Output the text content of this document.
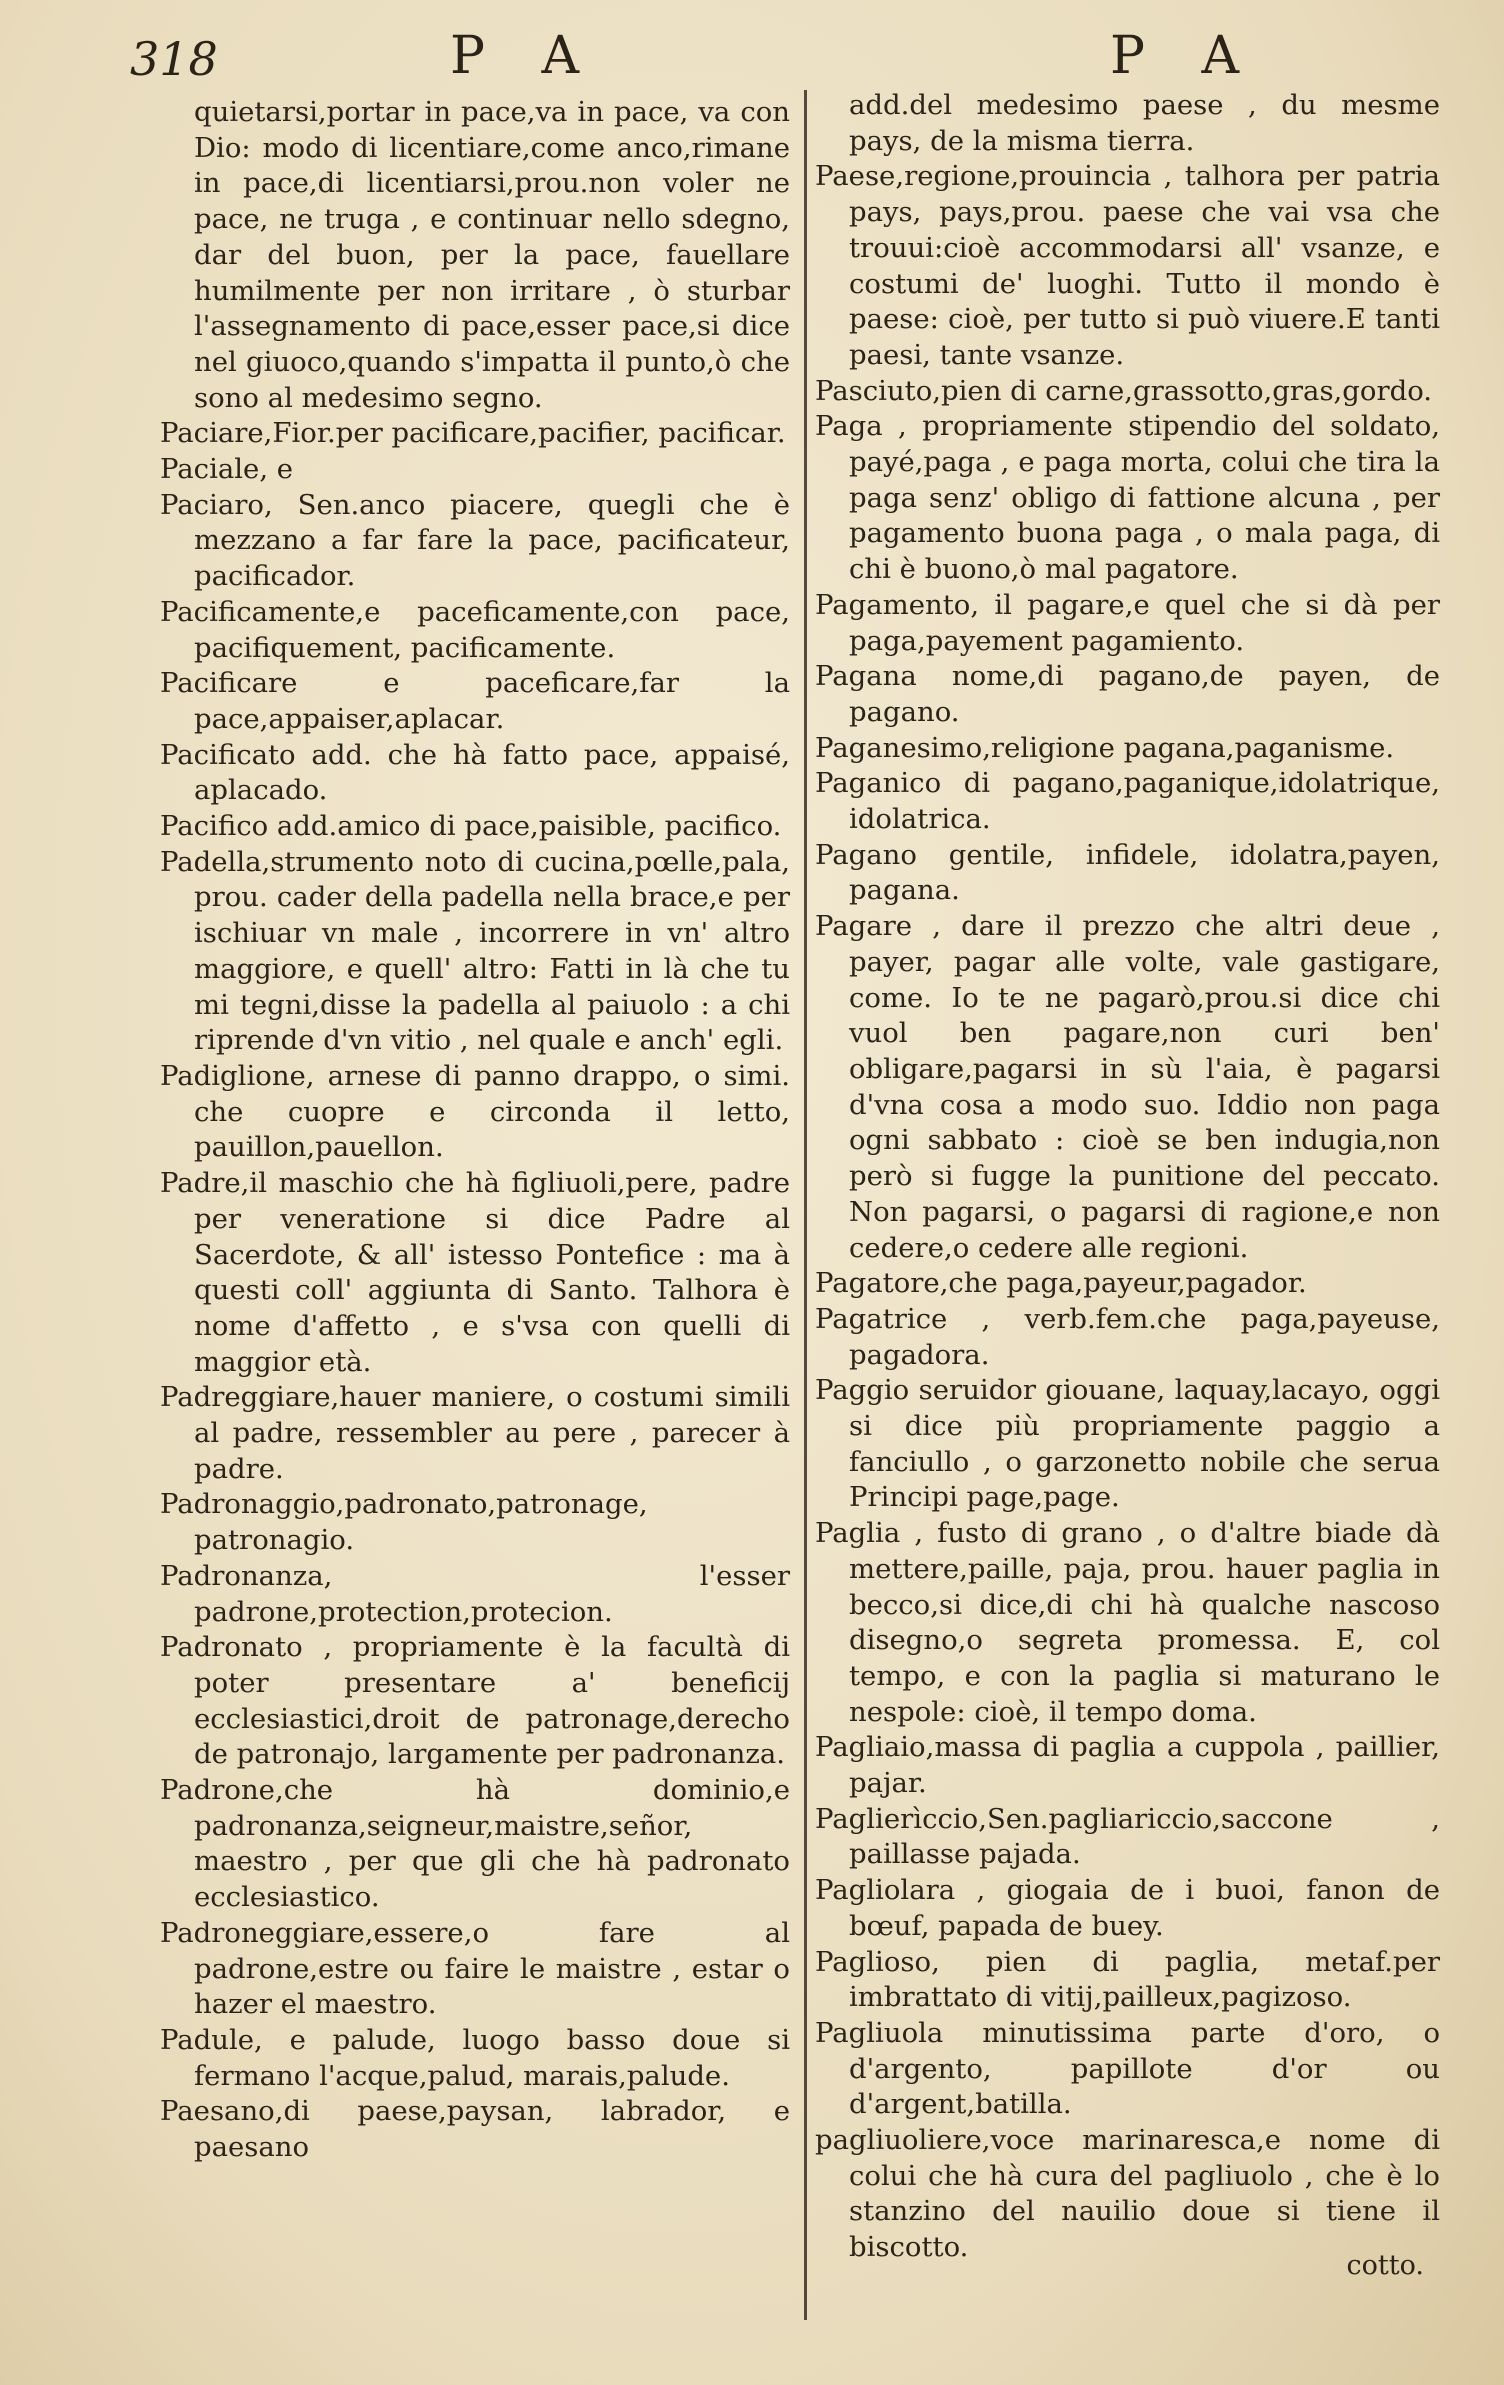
318	P A	P A

quietarsi,portar in pace,va in pace, va con Dio: modo di licentiare,come anco,rimane in pace,di licentiarsi,prou.non voler ne pace, ne truga , e continuar nello sdegno, dar del buon, per la pace, fauellare humilmente per non irritare , ò sturbar l'assegnamento di pace,esser pace,si dice nel giuoco,quando s'impatta il punto,ò che sono al medesimo segno.

Paciare,Fior.per pacificare,pacifier, pacificar.

Paciale, e

Paciaro, Sen.anco piacere, quegli che è mezzano a far fare la pace, pacificateur, pacificador.

Pacificamente,e paceficamente,con pace, pacifiquement, pacificamente.

Pacificare e paceficare,far la pace,appaiser,aplacar.

Pacificato add. che hà fatto pace, appaisé, aplacado.

Pacifico add.amico di pace,paisible, pacifico.

Padella,strumento noto di cucina,pœlle,pala, prou. cader della padella nella brace,e per ischiuar vn male , incorrere in vn' altro maggiore, e quell' altro: Fatti in là che tu mi tegni,disse la padella al paiuolo : a chi riprende d'vn vitio , nel quale e anch' egli.

Padiglione, arnese di panno drappo, o simi. che cuopre e circonda il letto, pauillon,pauellon.

Padre,il maschio che hà figliuoli,pere, padre per veneratione si dice Padre al Sacerdote, & all' istesso Pontefice : ma à questi coll' aggiunta di Santo. Talhora è nome d'affetto , e s'vsa con quelli di maggior età.

Padreggiare,hauer maniere, o costumi simili al padre, ressembler au pere , parecer à padre.

Padronaggio,padronato,patronage, patronagio.

Padronanza, l'esser padrone,protection,protecion.

Padronato , propriamente è la facultà di poter presentare a' beneficij ecclesiastici,droit de patronage,derecho de patronajo, largamente per padronanza.

Padrone,che hà dominio,e padronanza,seigneur,maistre,señor, maestro , per que gli che hà padronato ecclesiastico.

Padroneggiare,essere,o fare al padrone,estre ou faire le maistre , estar o hazer el maestro.

Padule, e palude, luogo basso doue si fermano l'acque,palud, marais,palude.

Paesano,di paese,paysan, labrador, e paesano

add.del medesimo paese , du mesme pays, de la misma tierra.

Paese,regione,prouincia , talhora per patria pays, pays,prou. paese che vai vsa che trouui:cioè accommodarsi all' vsanze, e costumi de' luoghi. Tutto il mondo è paese: cioè, per tutto si può viuere.E tanti paesi, tante vsanze.

Pasciuto,pien di carne,grassotto,gras,gordo.

Paga , propriamente stipendio del soldato, payé,paga , e paga morta, colui che tira la paga senz' obligo di fattione alcuna , per pagamento buona paga , o mala paga, di chi è buono,ò mal pagatore.

Pagamento, il pagare,e quel che si dà per paga,payement pagamiento.

Pagana nome,di pagano,de payen, de pagano.

Paganesimo,religione pagana,paganisme.

Paganico di pagano,paganique,idolatrique, idolatrica.

Pagano gentile, infidele, idolatra,payen, pagana.

Pagare , dare il prezzo che altri deue , payer, pagar alle volte, vale gastigare, come. Io te ne pagarò,prou.si dice chi vuol ben pagare,non curi ben' obligare,pagarsi in sù l'aia, è pagarsi d'vna cosa a modo suo. Iddio non paga ogni sabbato : cioè se ben indugia,non però si fugge la punitione del peccato. Non pagarsi, o pagarsi di ragione,e non cedere,o cedere alle regioni.

Pagatore,che paga,payeur,pagador.

Pagatrice , verb.fem.che paga,payeuse, pagadora.

Paggio seruidor giouane, laquay,lacayo, oggi si dice più propriamente paggio a fanciullo , o garzonetto nobile che serua Principi page,page.

Paglia , fusto di grano , o d'altre biade dà mettere,paille, paja, prou. hauer paglia in becco,si dice,di chi hà qualche nascoso disegno,o segreta promessa. E, col tempo, e con la paglia si maturano le nespole: cioè, il tempo doma.

Pagliaio,massa di paglia a cuppola , paillier, pajar.

Paglierìccio,Sen.pagliariccio,saccone , paillasse pajada.

Pagliolara , giogaia de i buoi, fanon de bœuf, papada de buey.

Paglioso, pien di paglia, metaf.per imbrattato di vitij,pailleux,pagizoso.

Pagliuola minutissima parte d'oro, o d'argento, papillote d'or ou d'argent,batilla.

pagliuoliere,voce marinaresca,e nome di colui che hà cura del pagliuolo , che è lo stanzino del nauilio doue si tiene il biscotto.

cotto.
